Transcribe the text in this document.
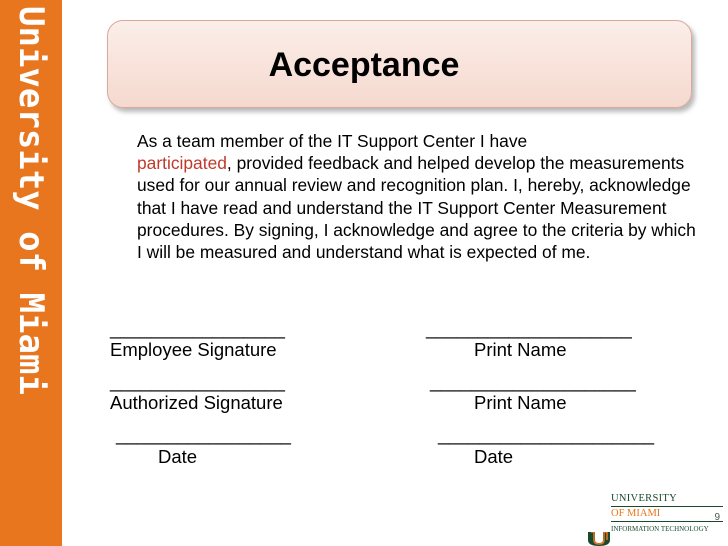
University of Miami	Acceptance
As a team member of the IT Support Center I have
participated, provided feedback and helped develop the measurements used for our annual review and recognition plan. I, hereby, acknowledge that I have read and understand the IT Support Center Measurement procedures. By signing, I acknowledge and agree to the criteria by which I will be measured and understand what is expected of me.
_________________	____________________
Employee Signature	Print Name
_________________	____________________
Authorized Signature	Print Name
_________________	_____________________
Date	Date
UNIVERSITY
OF MIAMI
INFORMATION TECHNOLOGY
9
